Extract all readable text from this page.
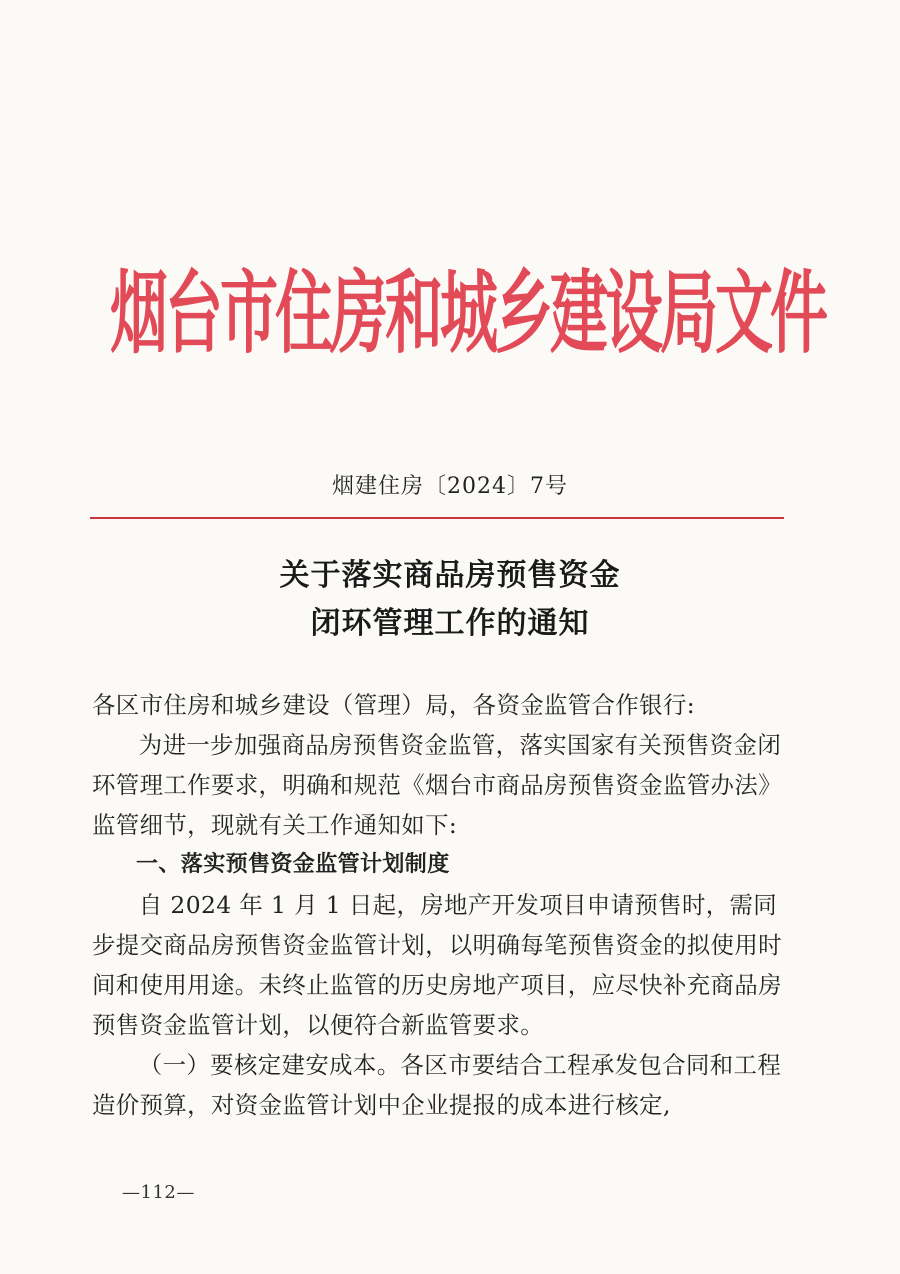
烟台市住房和城乡建设局文件
烟建住房〔2024〕7号
关于落实商品房预售资金
闭环管理工作的通知

各区市住房和城乡建设（管理）局，各资金监管合作银行:

为进一步加强商品房预售资金监管，落实国家有关预售资金闭环管理工作要求，明确和规范《烟台市商品房预售资金监管办法》监管细节，现就有关工作通知如下:

一、落实预售资金监管计划制度

自 2024 年 1 月 1 日起，房地产开发项目申请预售时，需同步提交商品房预售资金监管计划，以明确每笔预售资金的拟使用时间和使用用途。未终止监管的历史房地产项目，应尽快补充商品房预售资金监管计划，以便符合新监管要求。

（一）要核定建安成本。各区市要结合工程承发包合同和工程造价预算，对资金监管计划中企业提报的成本进行核定,

—112—
